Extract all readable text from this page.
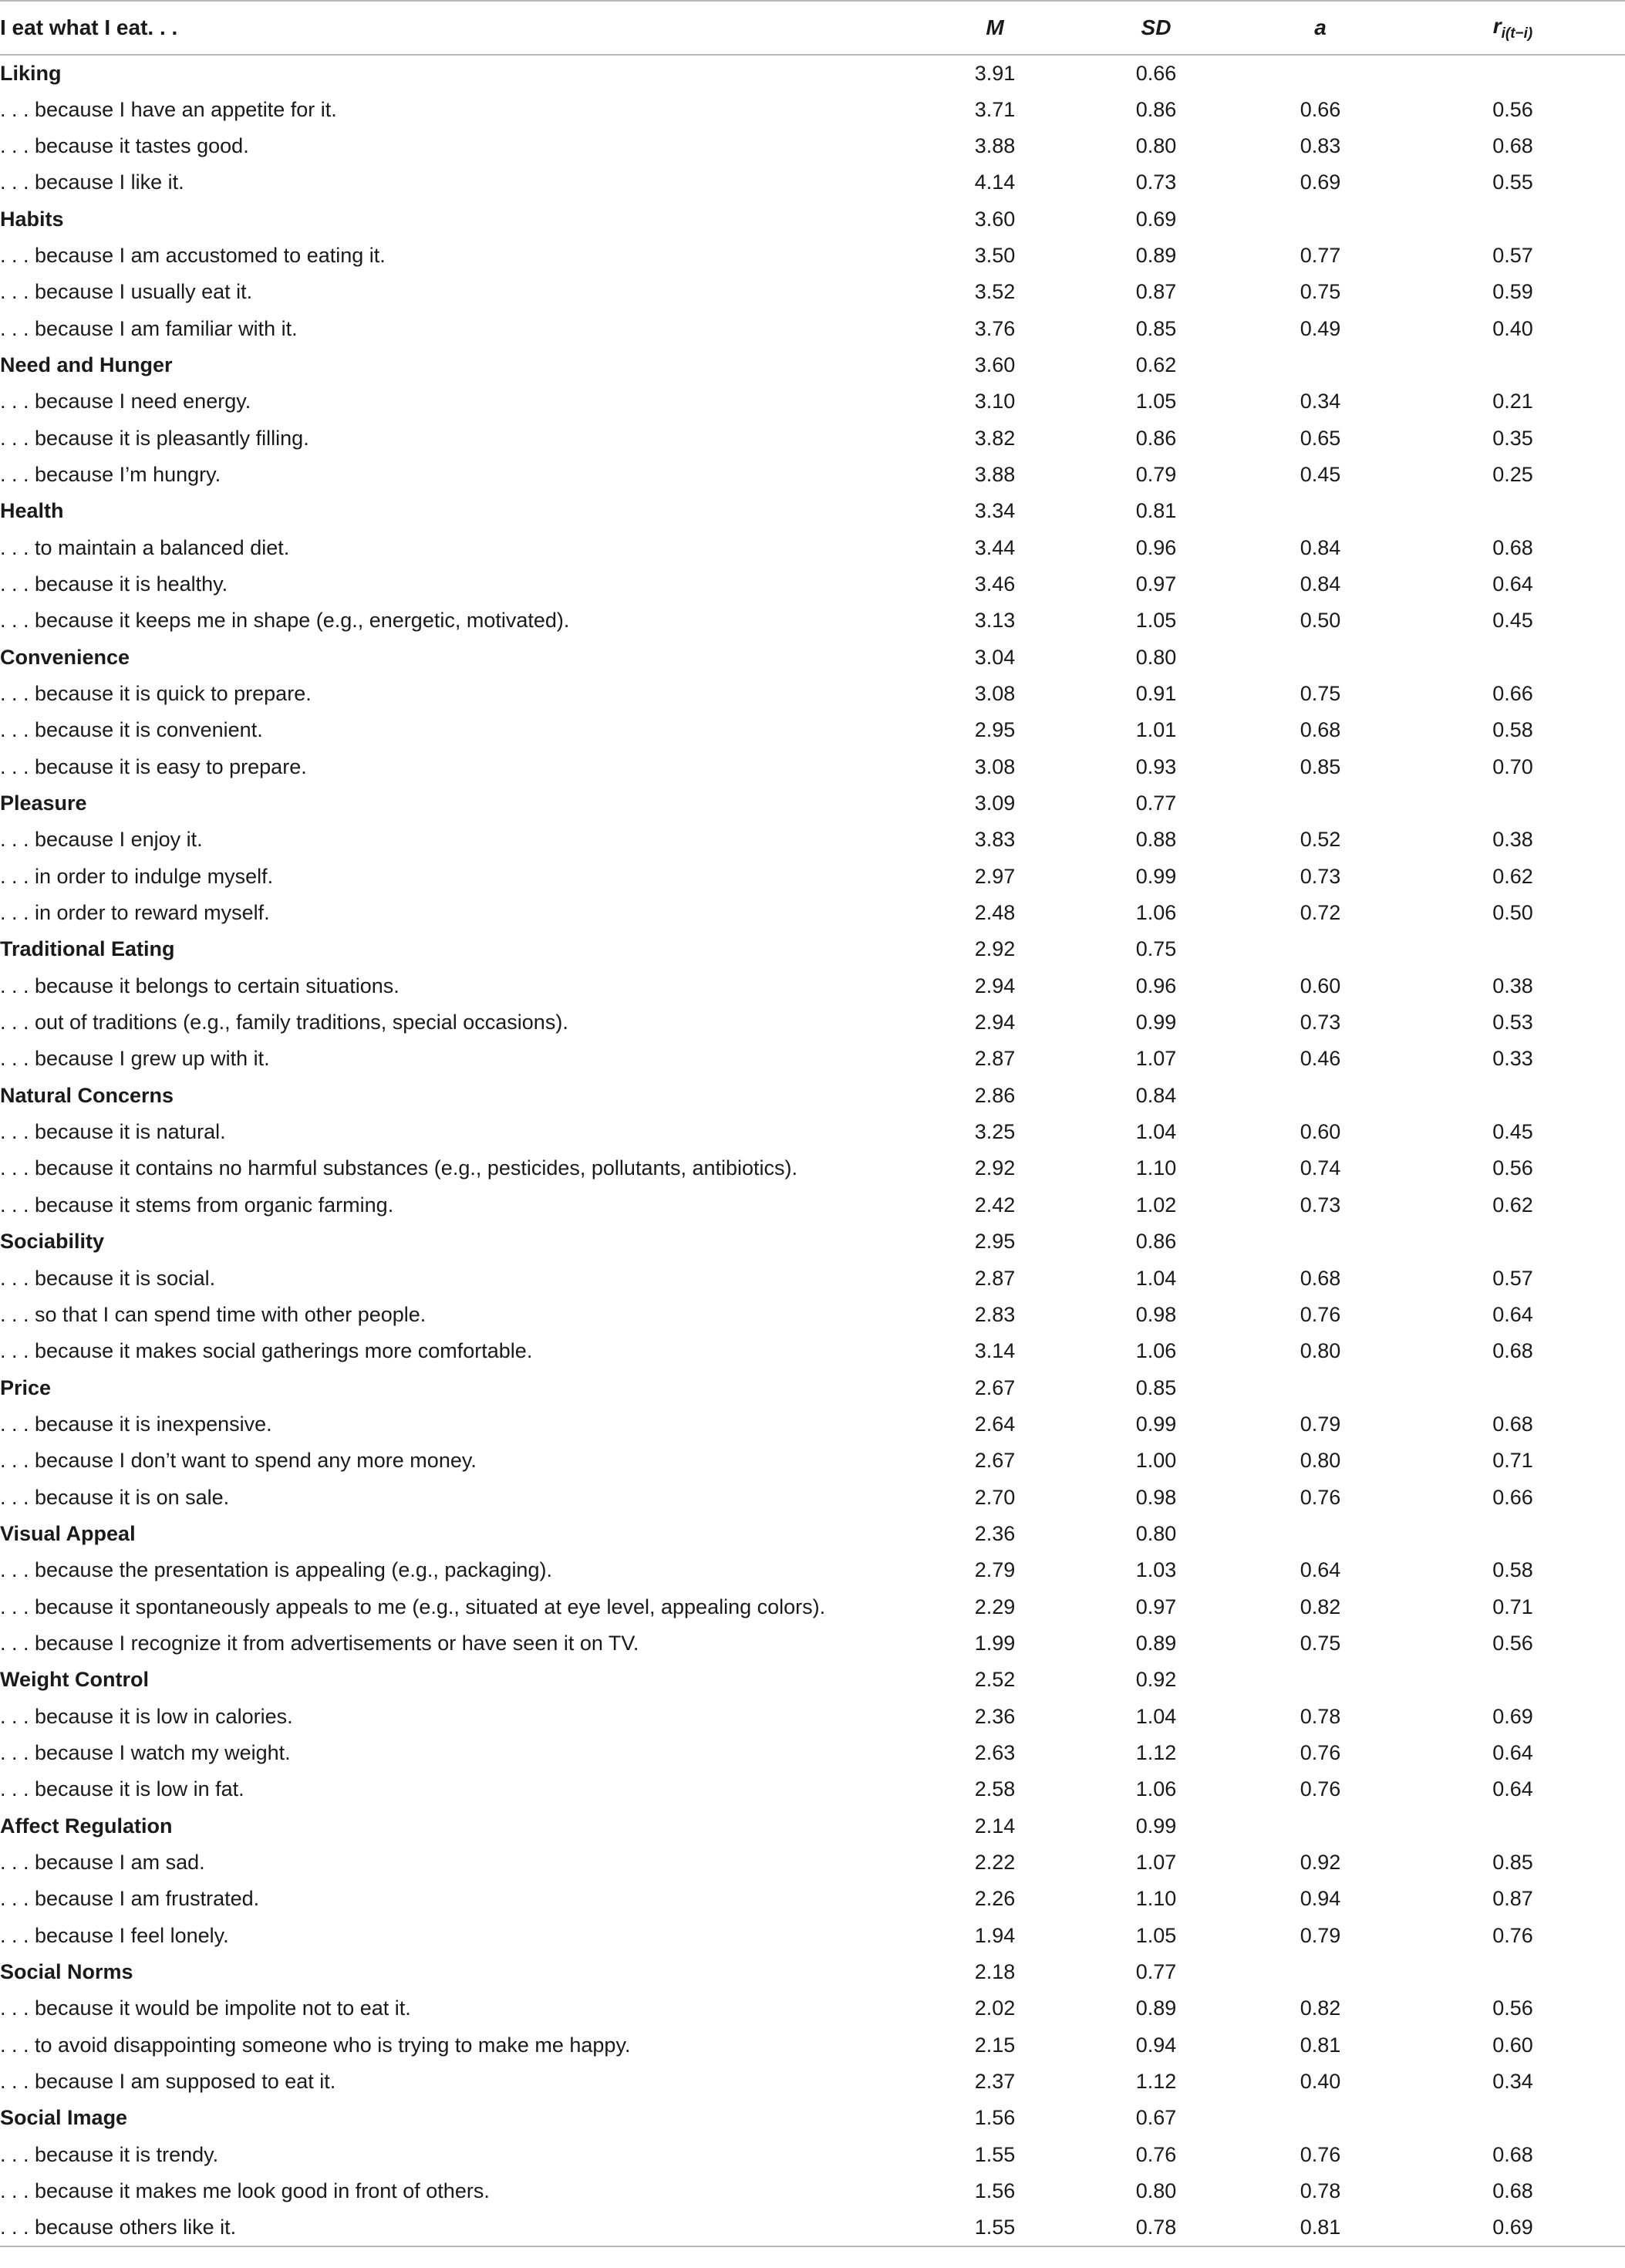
I eat what I eat. . .	M	SD	a	$r_{i(t-i)}$
Liking	3.91	0.66		
. . . because I have an appetite for it.	3.71	0.86	0.66	0.56
. . . because it tastes good.	3.88	0.80	0.83	0.68
. . . because I like it.	4.14	0.73	0.69	0.55
Habits	3.60	0.69		
. . . because I am accustomed to eating it.	3.50	0.89	0.77	0.57
. . . because I usually eat it.	3.52	0.87	0.75	0.59
. . . because I am familiar with it.	3.76	0.85	0.49	0.40
Need and Hunger	3.60	0.62		
. . . because I need energy.	3.10	1.05	0.34	0.21
. . . because it is pleasantly filling.	3.82	0.86	0.65	0.35
. . . because I’m hungry.	3.88	0.79	0.45	0.25
Health	3.34	0.81		
. . . to maintain a balanced diet.	3.44	0.96	0.84	0.68
. . . because it is healthy.	3.46	0.97	0.84	0.64
. . . because it keeps me in shape (e.g., energetic, motivated).	3.13	1.05	0.50	0.45
Convenience	3.04	0.80		
. . . because it is quick to prepare.	3.08	0.91	0.75	0.66
. . . because it is convenient.	2.95	1.01	0.68	0.58
. . . because it is easy to prepare.	3.08	0.93	0.85	0.70
Pleasure	3.09	0.77		
. . . because I enjoy it.	3.83	0.88	0.52	0.38
. . . in order to indulge myself.	2.97	0.99	0.73	0.62
. . . in order to reward myself.	2.48	1.06	0.72	0.50
Traditional Eating	2.92	0.75		
. . . because it belongs to certain situations.	2.94	0.96	0.60	0.38
. . . out of traditions (e.g., family traditions, special occasions).	2.94	0.99	0.73	0.53
. . . because I grew up with it.	2.87	1.07	0.46	0.33
Natural Concerns	2.86	0.84		
. . . because it is natural.	3.25	1.04	0.60	0.45
. . . because it contains no harmful substances (e.g., pesticides, pollutants, antibiotics).	2.92	1.10	0.74	0.56
. . . because it stems from organic farming.	2.42	1.02	0.73	0.62
Sociability	2.95	0.86		
. . . because it is social.	2.87	1.04	0.68	0.57
. . . so that I can spend time with other people.	2.83	0.98	0.76	0.64
. . . because it makes social gatherings more comfortable.	3.14	1.06	0.80	0.68
Price	2.67	0.85		
. . . because it is inexpensive.	2.64	0.99	0.79	0.68
. . . because I don’t want to spend any more money.	2.67	1.00	0.80	0.71
. . . because it is on sale.	2.70	0.98	0.76	0.66
Visual Appeal	2.36	0.80		
. . . because the presentation is appealing (e.g., packaging).	2.79	1.03	0.64	0.58
. . . because it spontaneously appeals to me (e.g., situated at eye level, appealing colors).	2.29	0.97	0.82	0.71
. . . because I recognize it from advertisements or have seen it on TV.	1.99	0.89	0.75	0.56
Weight Control	2.52	0.92		
. . . because it is low in calories.	2.36	1.04	0.78	0.69
. . . because I watch my weight.	2.63	1.12	0.76	0.64
. . . because it is low in fat.	2.58	1.06	0.76	0.64
Affect Regulation	2.14	0.99		
. . . because I am sad.	2.22	1.07	0.92	0.85
. . . because I am frustrated.	2.26	1.10	0.94	0.87
. . . because I feel lonely.	1.94	1.05	0.79	0.76
Social Norms	2.18	0.77		
. . . because it would be impolite not to eat it.	2.02	0.89	0.82	0.56
. . . to avoid disappointing someone who is trying to make me happy.	2.15	0.94	0.81	0.60
. . . because I am supposed to eat it.	2.37	1.12	0.40	0.34
Social Image	1.56	0.67		
. . . because it is trendy.	1.55	0.76	0.76	0.68
. . . because it makes me look good in front of others.	1.56	0.80	0.78	0.68
. . . because others like it.	1.55	0.78	0.81	0.69
